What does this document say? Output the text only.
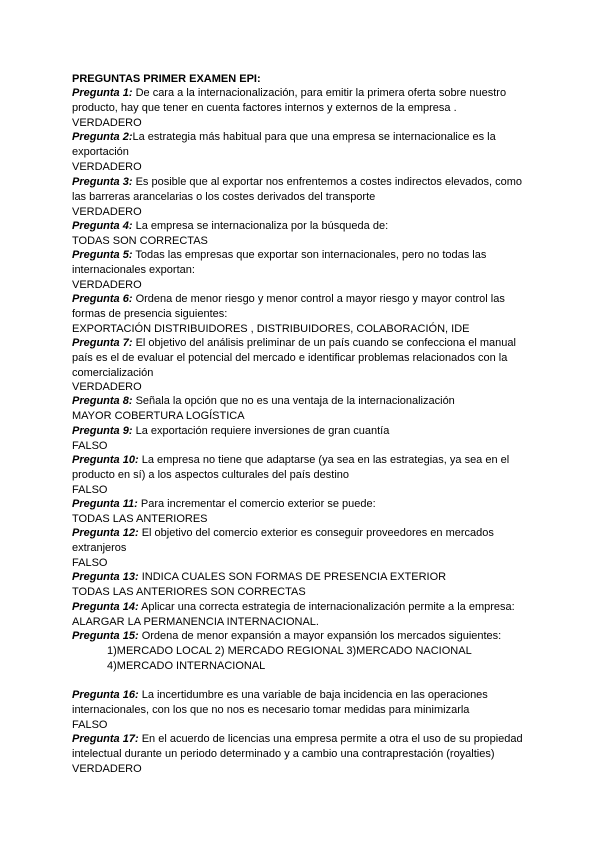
PREGUNTAS PRIMER EXAMEN EPI:

Pregunta 1: De cara a la internacionalización, para emitir la primera oferta sobre nuestro producto, hay que tener en cuenta factores internos y externos de la empresa .

VERDADERO

Pregunta 2:La estrategia más habitual para que una empresa se internacionalice es la exportación

VERDADERO

Pregunta 3: Es posible que al exportar nos enfrentemos a costes indirectos elevados, como las barreras arancelarias o los costes derivados del transporte

VERDADERO

Pregunta 4: La empresa se internacionaliza por la búsqueda de:

TODAS SON CORRECTAS

Pregunta 5: Todas las empresas que exportar son internacionales, pero no todas las internacionales exportan:

VERDADERO

Pregunta 6: Ordena de menor riesgo y menor control a mayor riesgo y mayor control las formas de presencia siguientes:

EXPORTACIÓN DISTRIBUIDORES , DISTRIBUIDORES, COLABORACIÓN, IDE

Pregunta 7: El objetivo del análisis preliminar de un país cuando se confecciona el manual país es el de evaluar el potencial del mercado e identificar problemas relacionados con la comercialización

VERDADERO

Pregunta 8: Señala la opción que no es una ventaja de la internacionalización

MAYOR COBERTURA LOGÍSTICA

Pregunta 9: La exportación requiere inversiones de gran cuantía

FALSO

Pregunta 10: La empresa no tiene que adaptarse (ya sea en las estrategias, ya sea en el producto en sí) a los aspectos culturales del país destino

FALSO

Pregunta 11: Para incrementar el comercio exterior se puede:

TODAS LAS ANTERIORES

Pregunta 12: El objetivo del comercio exterior es conseguir proveedores en mercados extranjeros

FALSO

Pregunta 13: INDICA CUALES SON FORMAS DE PRESENCIA EXTERIOR

TODAS LAS ANTERIORES SON CORRECTAS

Pregunta 14: Aplicar una correcta estrategia de internacionalización permite a la empresa:

ALARGAR LA PERMANENCIA INTERNACIONAL.

Pregunta 15: Ordena de menor expansión a mayor expansión los mercados siguientes:

1)MERCADO LOCAL 2) MERCADO REGIONAL 3)MERCADO NACIONAL
4)MERCADO INTERNACIONAL

Pregunta 16: La incertidumbre es una variable de baja incidencia en las operaciones internacionales, con los que no nos es necesario tomar medidas para minimizarla

FALSO

Pregunta 17: En el acuerdo de licencias una empresa permite a otra el uso de su propiedad intelectual durante un periodo determinado y a cambio una contraprestación (royalties)

VERDADERO
